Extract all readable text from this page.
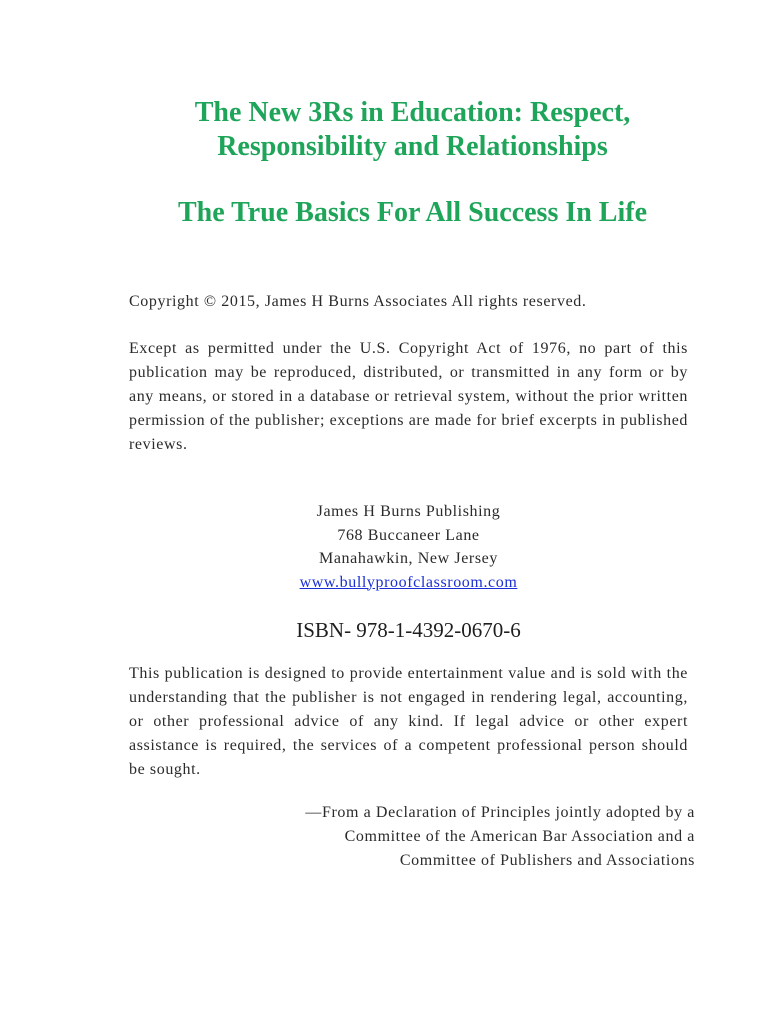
The New 3Rs in Education: Respect,
Responsibility and Relationships
The True Basics For All Success In Life
Copyright © 2015, James H Burns Associates All rights reserved.
Except as permitted under the U.S. Copyright Act of 1976, no part of this publication may be reproduced, distributed, or transmitted in any form or by any means, or stored in a database or retrieval system, without the prior written permission of the publisher; exceptions are made for brief excerpts in published reviews.
James H Burns Publishing
768 Buccaneer Lane
Manahawkin, New Jersey
www.bullyproofclassroom.com
ISBN- 978-1-4392-0670-6
This publication is designed to provide entertainment value and is sold with the understanding that the publisher is not engaged in rendering legal, accounting, or other professional advice of any kind. If legal advice or other expert assistance is required, the services of a competent professional person should be sought.
—From a Declaration of Principles jointly adopted by a
Committee of the American Bar Association and a
Committee of Publishers and Associations
